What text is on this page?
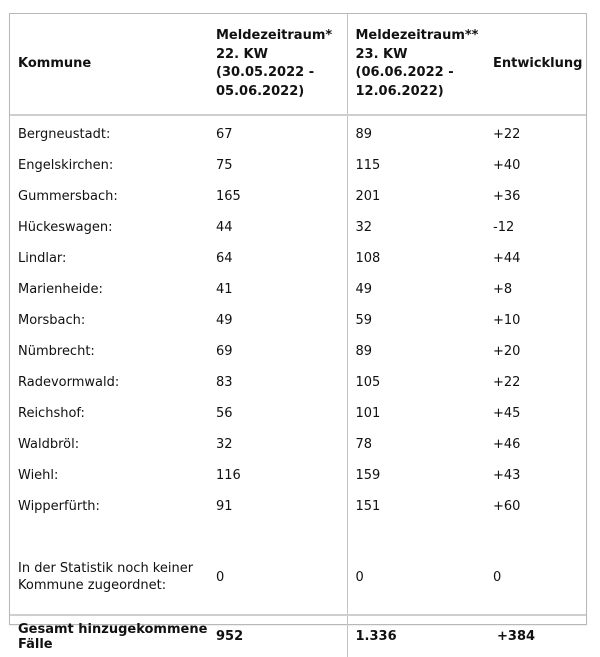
Kommune	Meldezeitraum*
22. KW
(30.05.2022 -
05.06.2022)	Meldezeitraum**
23. KW
(06.06.2022 -
12.06.2022)	Entwicklung
Bergneustadt:	67	89	+22
Engelskirchen:	75	115	+40
Gummersbach:	165	201	+36
Hückeswagen:	44	32	-12
Lindlar:	64	108	+44
Marienheide:	41	49	+8
Morsbach:	49	59	+10
Nümbrecht:	69	89	+20
Radevormwald:	83	105	+22
Reichshof:	56	101	+45
Waldbröl:	32	78	+46
Wiehl:	116	159	+43
Wipperfürth:	91	151	+60
In der Statistik noch keiner
Kommune zugeordnet:	0	0	0
Gesamt hinzugekommene
Fälle	952	1.336	+384
